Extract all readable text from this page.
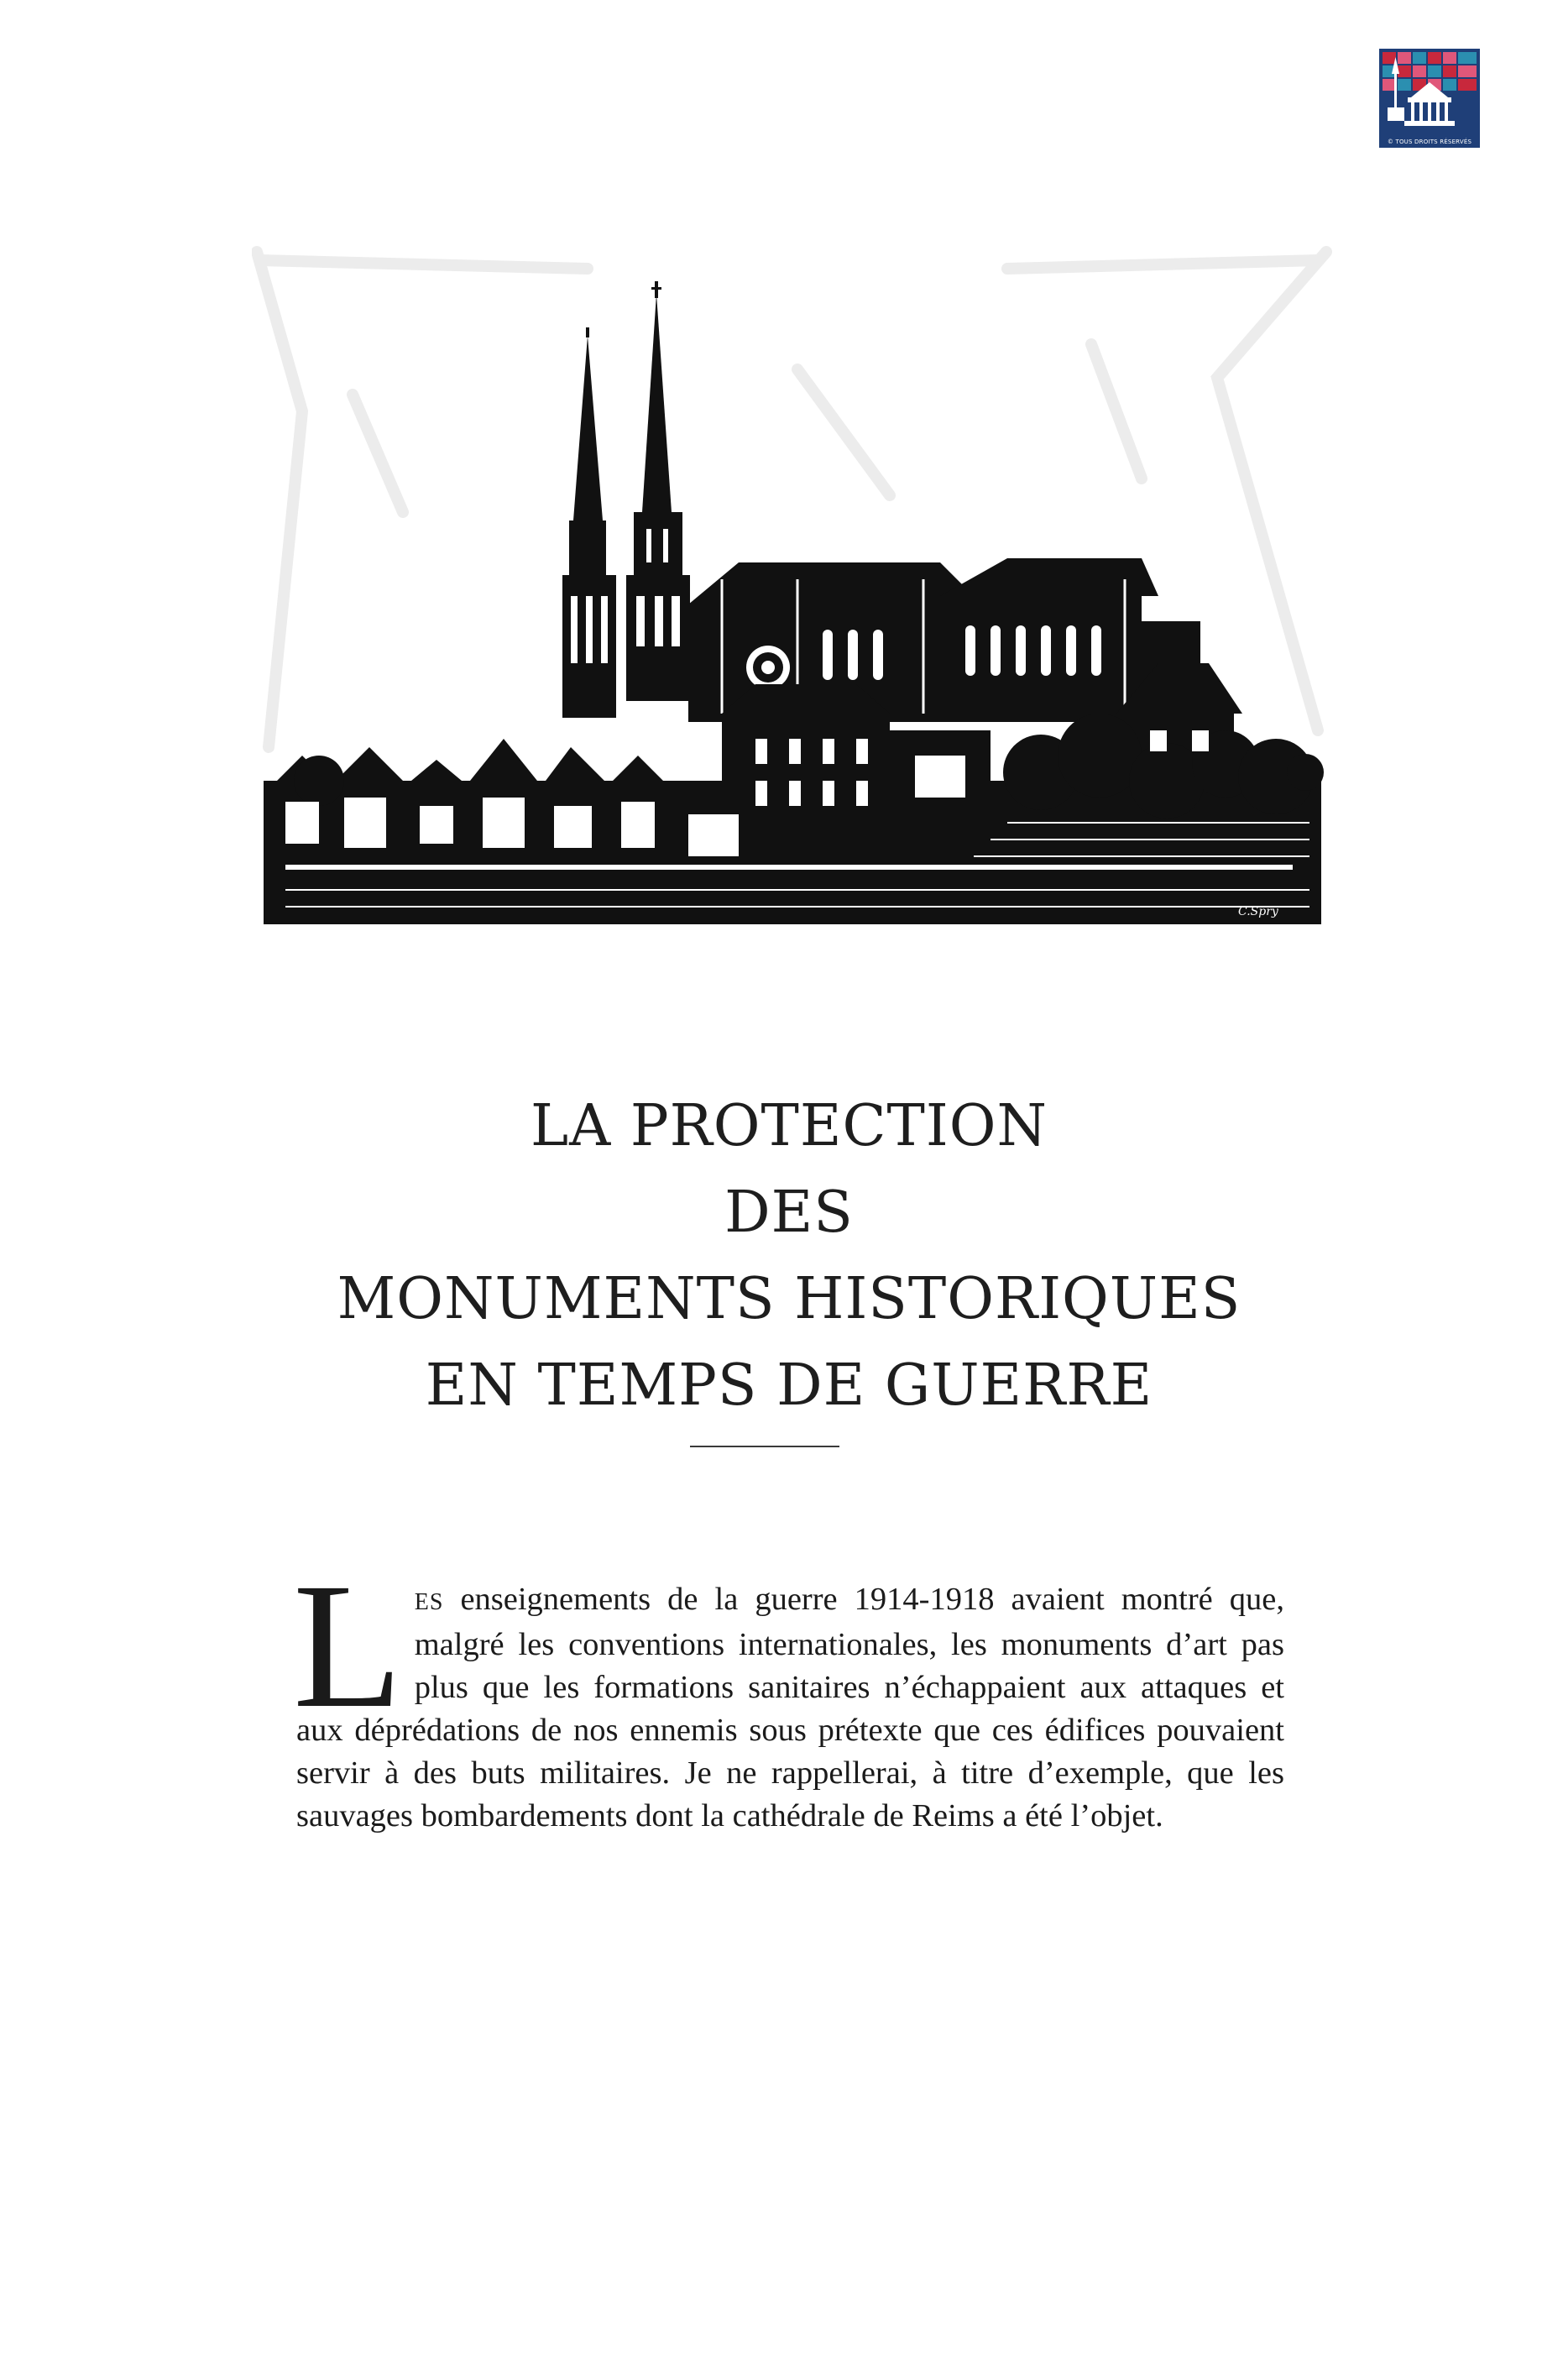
© TOUS DROITS RÉSERVÉS
C.Spry
LA PROTECTION
DES
MONUMENTS HISTORIQUES
EN TEMPS DE GUERRE
LES enseignements de la guerre 1914-1918 avaient montré que, malgré les conventions internationales, les monuments d’art pas plus que les formations sanitaires n’échappaient aux attaques et aux déprédations de nos ennemis sous prétexte que ces édifices pouvaient servir à des buts militaires. Je ne rappellerai, à titre d’exemple, que les sauvages bombardements dont la cathédrale de Reims a été l’objet.
